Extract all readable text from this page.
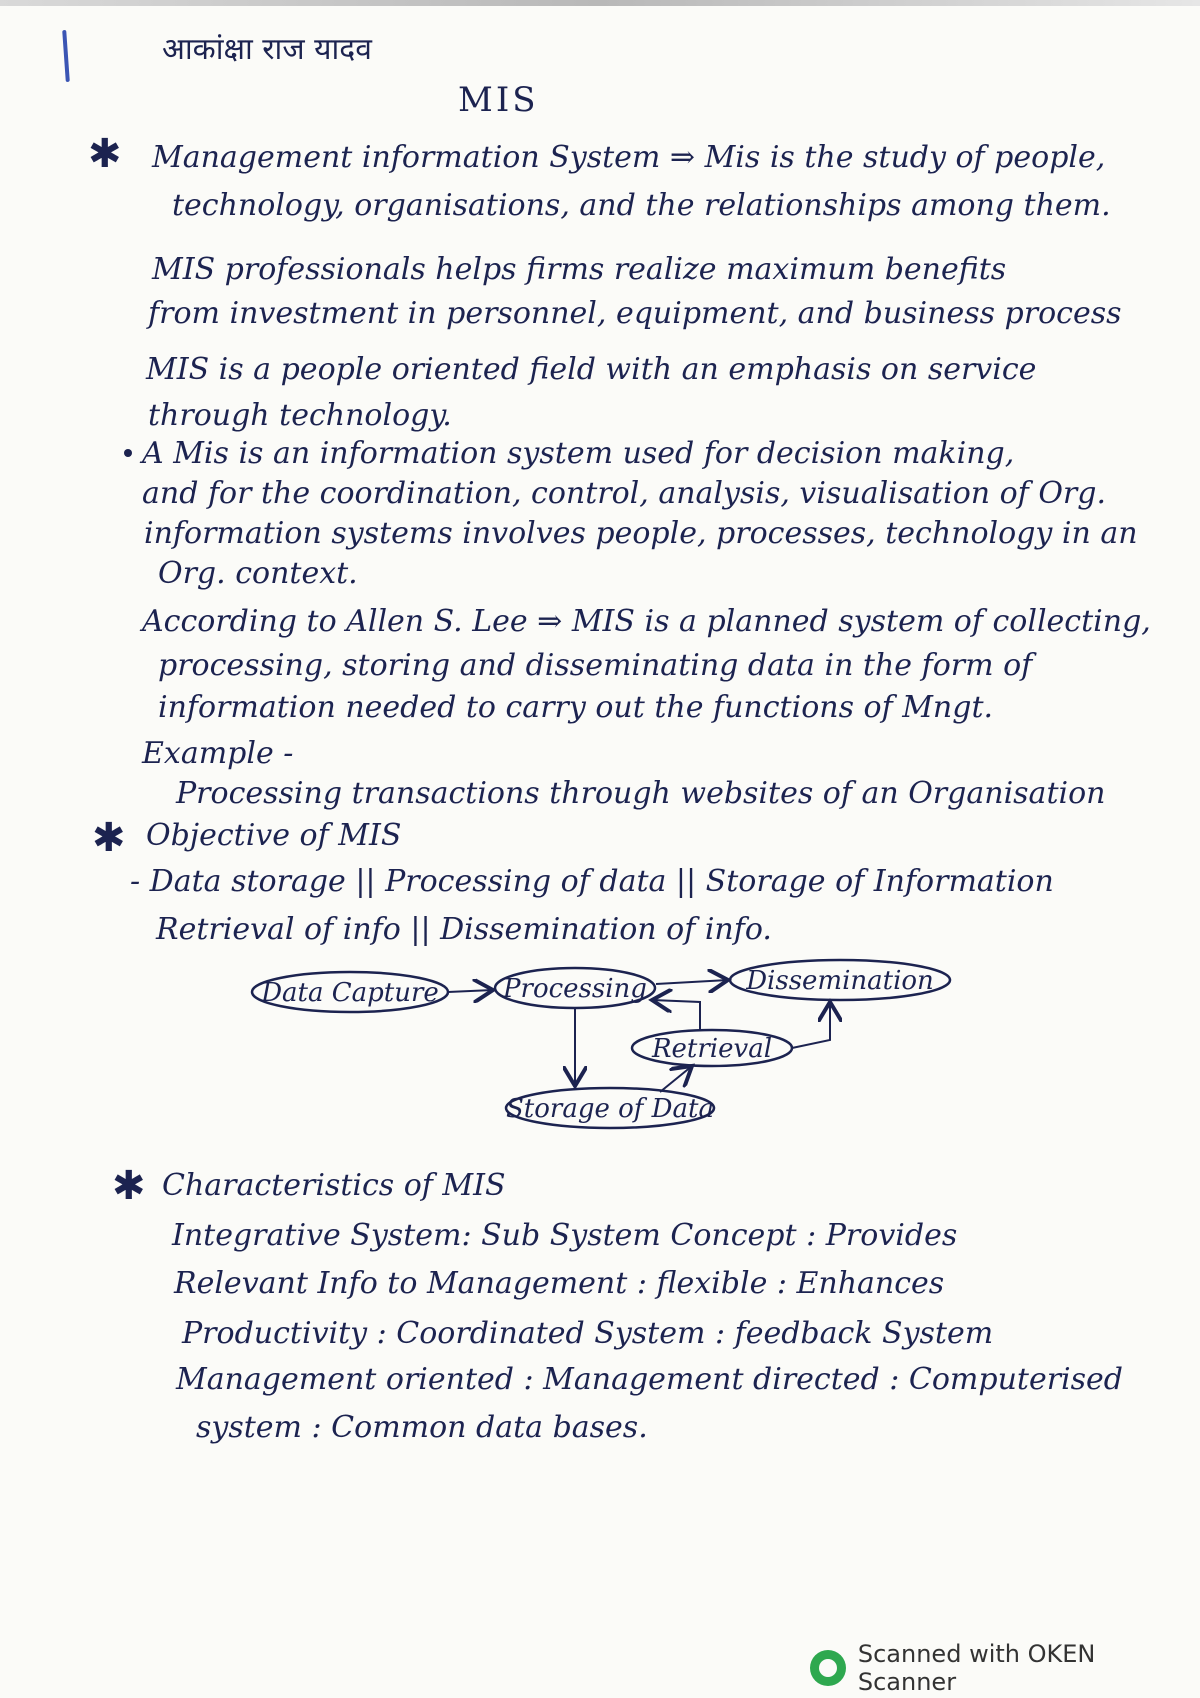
आकांक्षा राज यादव
MIS
✱ Management information System ⇒ Mis is the study of people,
technology, organisations, and the relationships among them.
MIS professionals helps firms realize maximum benefits
from investment in personnel, equipment, and business process
MIS is a people oriented field with an emphasis on service
through technology.
A Mis is an information system used for decision making,
and for the coordination, control, analysis, visualisation of Org.
information systems involves people, processes, technology in an
Org. context.
According to Allen S. Lee ⇒ MIS is a planned system of collecting,
processing, storing and disseminating data in the form of
information needed to carry out the functions of Mngt.
Example -
Processing transactions through websites of an Organisation
✱ Objective of MIS
- Data storage || Processing of data || Storage of Information
Retrieval of info || Dissemination of info.
Data Capture Processing	Dissemination
Retrieval
Storage of Data
✱ Characteristics of MIS
Integrative System: Sub System Concept : Provides
Relevant Info to Management : flexible : Enhances
Productivity : Coordinated System : feedback System
Management oriented : Management directed : Computerised
system : Common data bases.
Scanned with OKEN Scanner
